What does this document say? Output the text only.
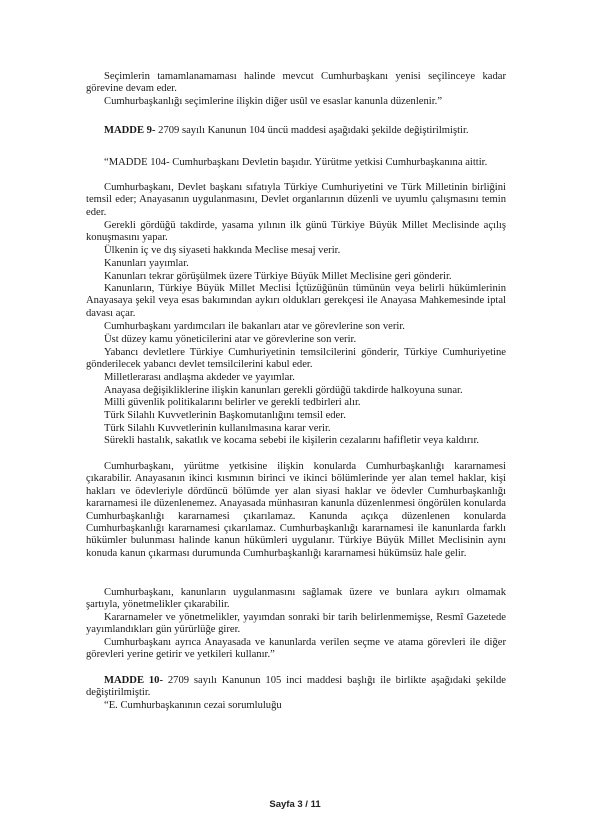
Seçimlerin tamamlanamaması halinde mevcut Cumhurbaşkanı yenisi seçilinceye kadar görevine devam eder.

Cumhurbaşkanlığı seçimlerine ilişkin diğer usûl ve esaslar kanunla düzenlenir.”

MADDE 9- 2709 sayılı Kanunun 104 üncü maddesi aşağıdaki şekilde değiştirilmiştir.

“MADDE 104- Cumhurbaşkanı Devletin başıdır. Yürütme yetkisi Cumhurbaşkanına aittir.

Cumhurbaşkanı, Devlet başkanı sıfatıyla Türkiye Cumhuriyetini ve Türk Milletinin birliğini temsil eder; Anayasanın uygulanmasını, Devlet organlarının düzenli ve uyumlu çalışmasını temin eder.

Gerekli gördüğü takdirde, yasama yılının ilk günü Türkiye Büyük Millet Meclisinde açılış konuşmasını yapar.

Ülkenin iç ve dış siyaseti hakkında Meclise mesaj verir.

Kanunları yayımlar.

Kanunları tekrar görüşülmek üzere Türkiye Büyük Millet Meclisine geri gönderir.

Kanunların, Türkiye Büyük Millet Meclisi İçtüzüğünün tümünün veya belirli hükümlerinin Anayasaya şekil veya esas bakımından aykırı oldukları gerekçesi ile Anayasa Mahkemesinde iptal davası açar.

Cumhurbaşkanı yardımcıları ile bakanları atar ve görevlerine son verir.

Üst düzey kamu yöneticilerini atar ve görevlerine son verir.

Yabancı devletlere Türkiye Cumhuriyetinin temsilcilerini gönderir, Türkiye Cumhuriyetine gönderilecek yabancı devlet temsilcilerini kabul eder.

Milletlerarası andlaşma akdeder ve yayımlar.

Anayasa değişikliklerine ilişkin kanunları gerekli gördüğü takdirde halkoyuna sunar.

Milli güvenlik politikalarını belirler ve gerekli tedbirleri alır.

Türk Silahlı Kuvvetlerinin Başkomutanlığını temsil eder.

Türk Silahlı Kuvvetlerinin kullanılmasına karar verir.

Sürekli hastalık, sakatlık ve kocama sebebi ile kişilerin cezalarını hafifletir veya kaldırır.

Cumhurbaşkanı, yürütme yetkisine ilişkin konularda Cumhurbaşkanlığı kararnamesi çıkarabilir. Anayasanın ikinci kısmının birinci ve ikinci bölümlerinde yer alan temel haklar, kişi hakları ve ödevleriyle dördüncü bölümde yer alan siyasi haklar ve ödevler Cumhurbaşkanlığı kararnamesi ile düzenlenemez. Anayasada münhasıran kanunla düzenlenmesi öngörülen konularda Cumhurbaşkanlığı kararnamesi çıkarılamaz. Kanunda açıkça düzenlenen konularda Cumhurbaşkanlığı kararnamesi çıkarılamaz. Cumhurbaşkanlığı kararnamesi ile kanunlarda farklı hükümler bulunması halinde kanun hükümleri uygulanır. Türkiye Büyük Millet Meclisinin aynı konuda kanun çıkarması durumunda Cumhurbaşkanlığı kararnamesi hükümsüz hale gelir.

Cumhurbaşkanı, kanunların uygulanmasını sağlamak üzere ve bunlara aykırı olmamak şartıyla, yönetmelikler çıkarabilir.

Kararnameler ve yönetmelikler, yayımdan sonraki bir tarih belirlenmemişse, Resmî Gazetede yayımlandıkları gün yürürlüğe girer.

Cumhurbaşkanı ayrıca Anayasada ve kanunlarda verilen seçme ve atama görevleri ile diğer görevleri yerine getirir ve yetkileri kullanır.”

MADDE 10- 2709 sayılı Kanunun 105 inci maddesi başlığı ile birlikte aşağıdaki şekilde değiştirilmiştir.

“E. Cumhurbaşkanının cezai sorumluluğu

Sayfa 3 / 11
